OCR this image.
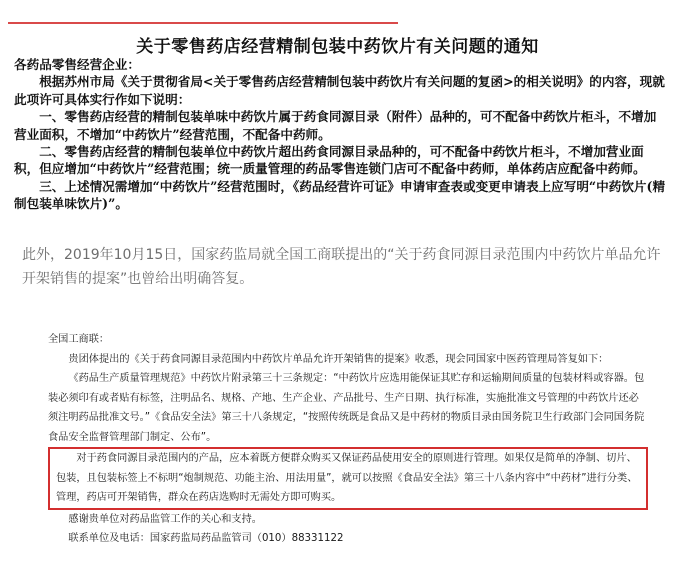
关于零售药店经营精制包装中药饮片有关问题的通知

各药品零售经营企业：

根据苏州市局《关于贯彻省局<关于零售药店经营精制包装中药饮片有关问题的复函>的相关说明》的内容，现就此项许可具体实行作如下说明：

一、零售药店经营的精制包装单味中药饮片属于药食同源目录（附件）品种的，可不配备中药饮片柜斗，不增加营业面积，不增加“中药饮片”经营范围，不配备中药师。

二、零售药店经营的精制包装单位中药饮片超出药食同源目录品种的，可不配备中药饮片柜斗，不增加营业面积，但应增加“中药饮片”经营范围；统一质量管理的药品零售连锁门店可不配备中药师，单体药店应配备中药师。

三、上述情况需增加“中药饮片”经营范围时，《药品经营许可证》申请审查表或变更申请表上应写明“中药饮片(精制包装单味饮片)”。

此外，2019年10月15日，国家药监局就全国工商联提出的“关于药食同源目录范围内中药饮片单品允许开架销售的提案”也曾给出明确答复。

全国工商联：

贵团体提出的《关于药食同源目录范围内中药饮片单品允许开架销售的提案》收悉，现会同国家中医药管理局答复如下：

《药品生产质量管理规范》中药饮片附录第三十三条规定：“中药饮片应选用能保证其贮存和运输期间质量的包装材料或容器。包装必须印有或者贴有标签，注明品名、规格、产地、生产企业、产品批号、生产日期、执行标准，实施批准文号管理的中药饮片还必须注明药品批准文号。”《食品安全法》第三十八条规定，“按照传统既是食品又是中药材的物质目录由国务院卫生行政部门会同国务院食品安全监督管理部门制定、公布”。

对于药食同源目录范围内的产品，应本着既方便群众购买又保证药品使用安全的原则进行管理。如果仅是简单的净制、切片、包装，且包装标签上不标明“炮制规范、功能主治、用法用量”，就可以按照《食品安全法》第三十八条内容中“中药材”进行分类、管理，药店可开架销售，群众在药店选购时无需处方即可购买。

感谢贵单位对药品监管工作的关心和支持。

联系单位及电话：国家药监局药品监管司（010）88331122
